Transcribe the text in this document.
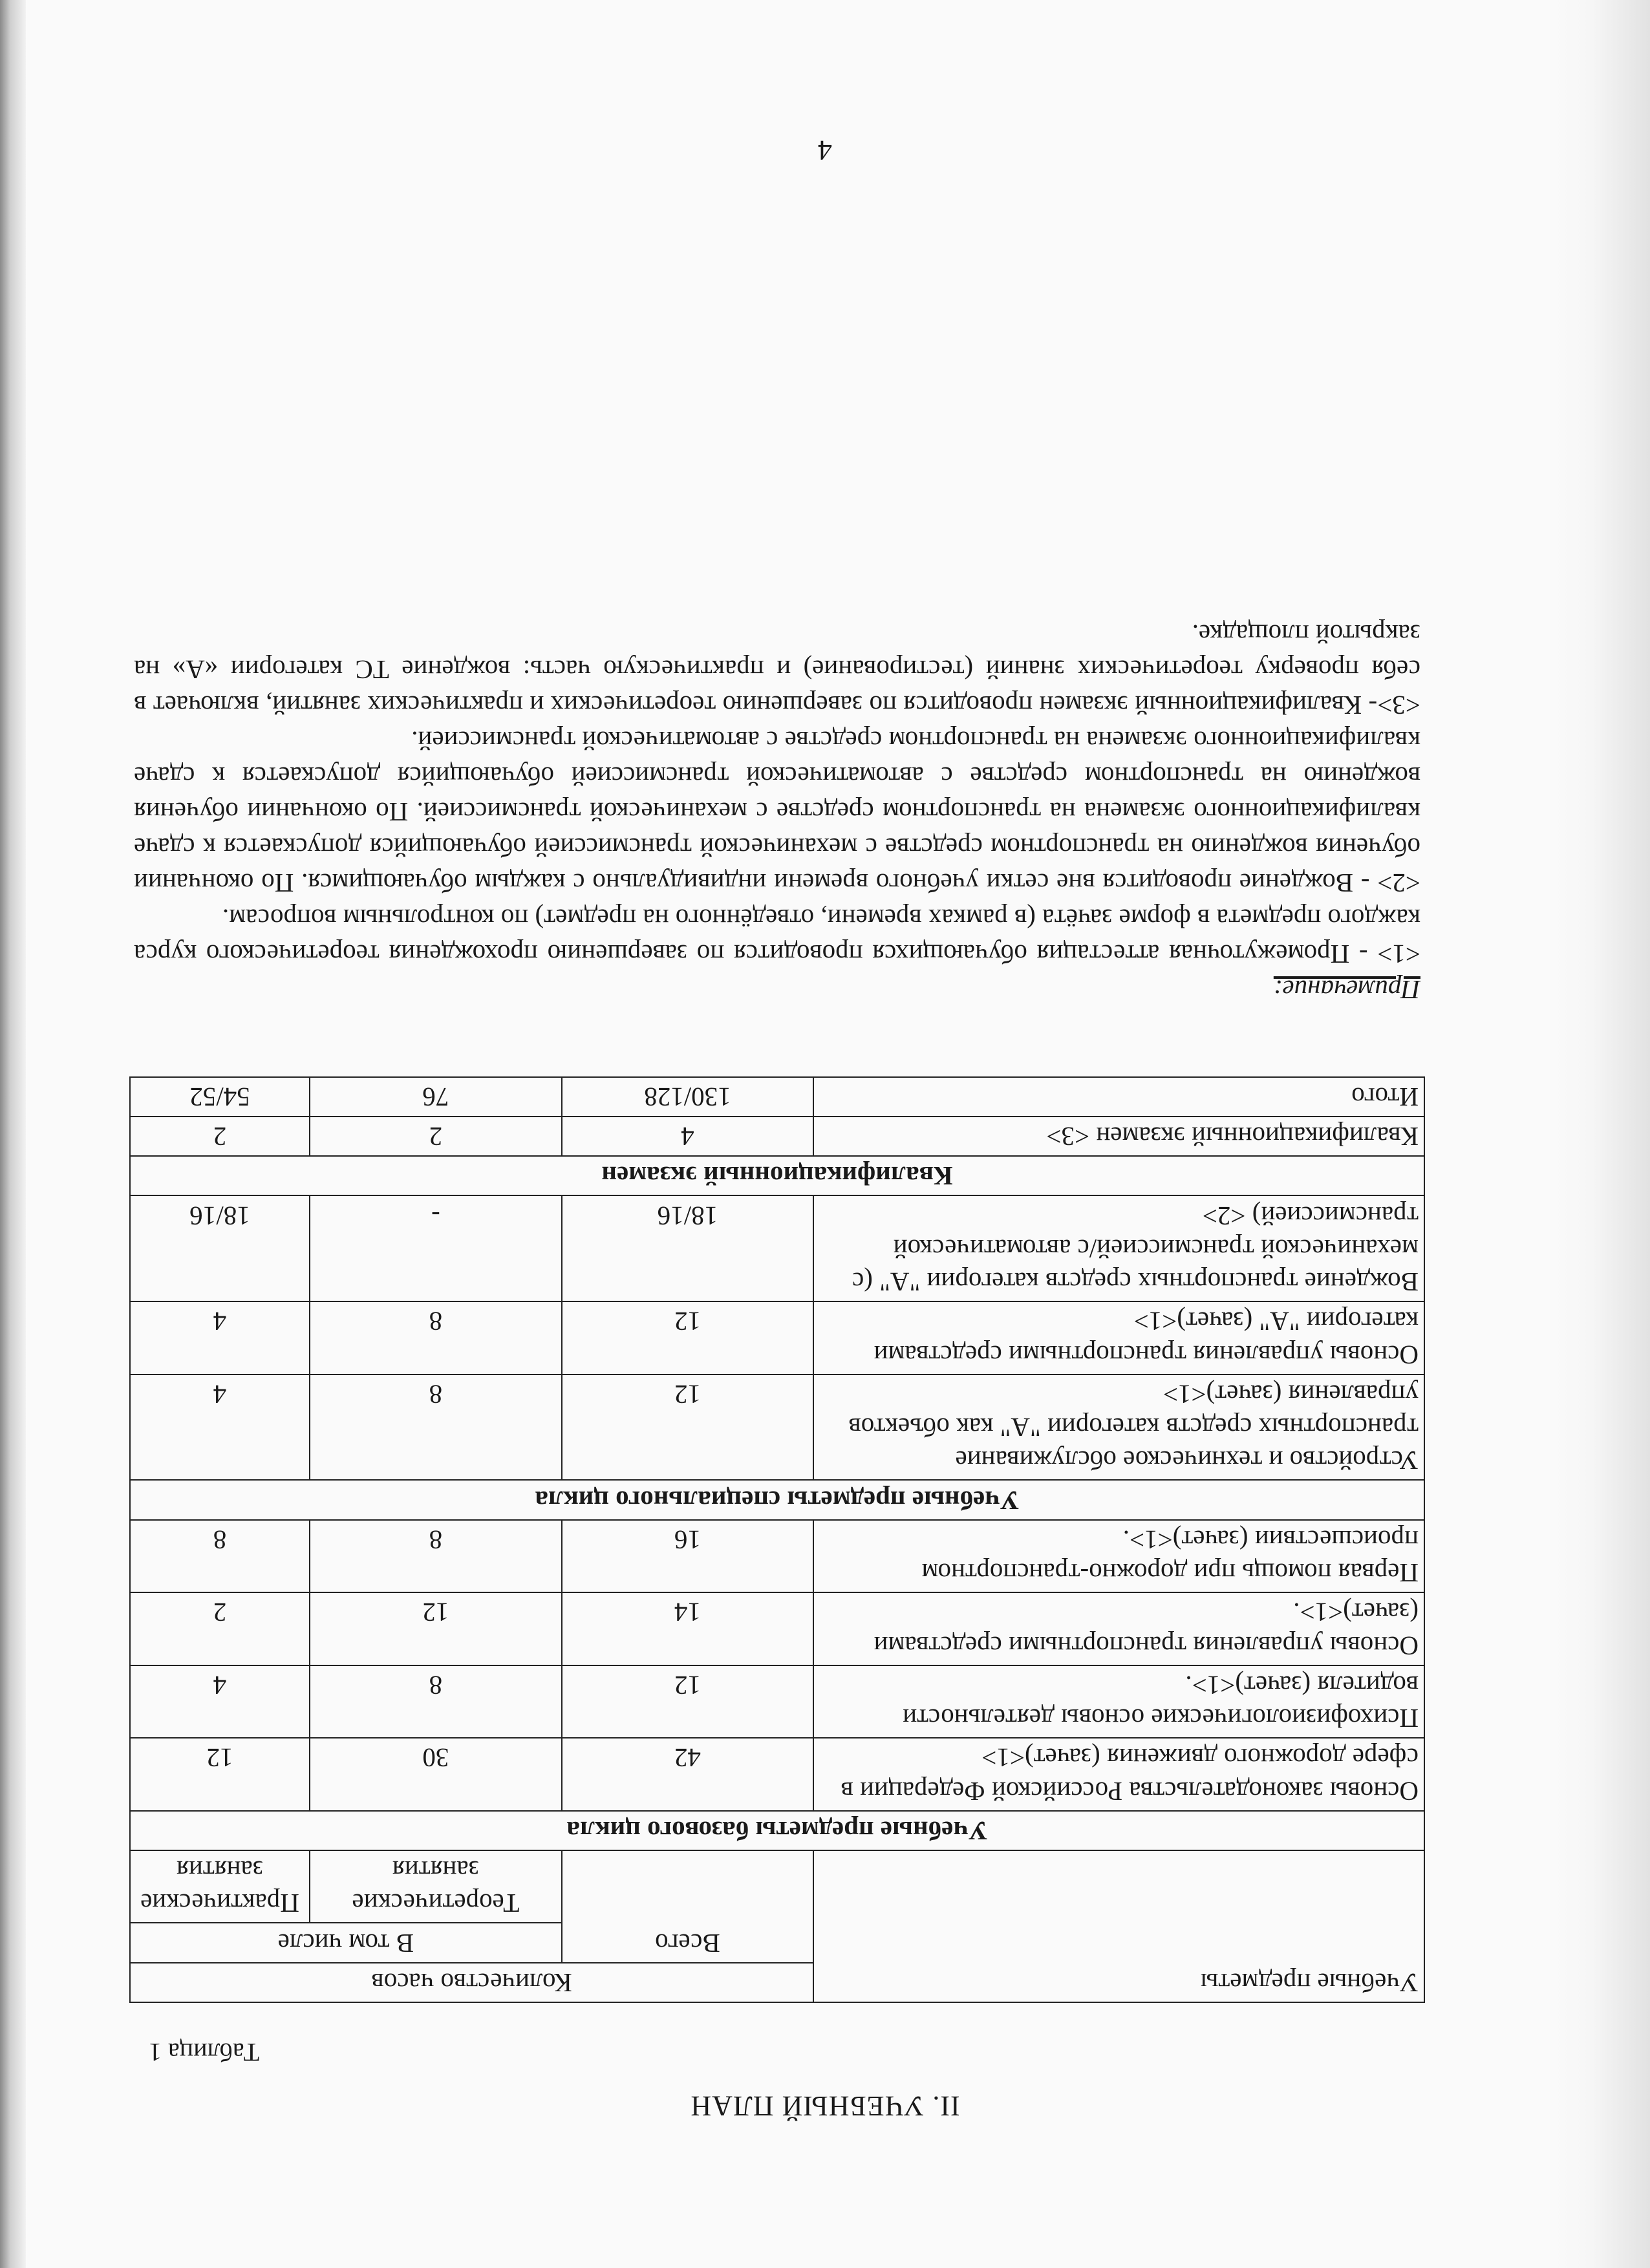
II. УЧЕБНЫЙ ПЛАН
Таблица 1
Учебные предметы	Количество часов		
	Всего	В том числе	
		Теоретические занятия	Практические занятия
Учебные предметы базового цикла			
Основы законодательства Российской Федерации в сфере дорожного движения (зачет)<1>	42	30	12
Психофизиологические основы деятельности водителя (зачет)<1>.	12	8	4
Основы управления транспортными средствами (зачет)<1>.	14	12	2
Первая помощь при дорожно-транспортном происшествии (зачет)<1>.	16	8	8
Учебные предметы специального цикла			
Устройство и техническое обслуживание транспортных средств категории "А" как объектов управления (зачет)<1>	12	8	4
Основы управления транспортными средствами категории "А" (зачет)<1>	12	8	4
Вождение транспортных средств категории "А" (с механической трансмиссией/с автоматической трансмиссией) <2>	18/16	-	18/16
Квалификационный экзамен			
Квалификационный экзамен <3>	4	2	2
Итого	130/128	76	54/52

Примечание:

<1> - Промежуточная аттестация обучающихся проводится по завершению прохождения теоретического курса каждого предмета в форме зачёта (в рамках времени, отведённого на предмет) по контрольным вопросам.

<2> - Вождение проводится вне сетки учебного времени индивидуально с каждым обучающимся. По окончании обучения вождению на транспортном средстве с механической трансмиссией обучающийся допускается к сдаче квалификационного экзамена на транспортном средстве с механической трансмиссией. По окончании обучения вождению на транспортном средстве с автоматической трансмиссией обучающийся допускается к сдаче квалификационного экзамена на транспортном средстве с автоматической трансмиссией.

<3>- Квалификационный экзамен проводится по завершению теоретических и практических занятий, включает в себя проверку теоретических знаний (тестирование) и практическую часть: вождение ТС категории «А» на закрытой площадке.

4
